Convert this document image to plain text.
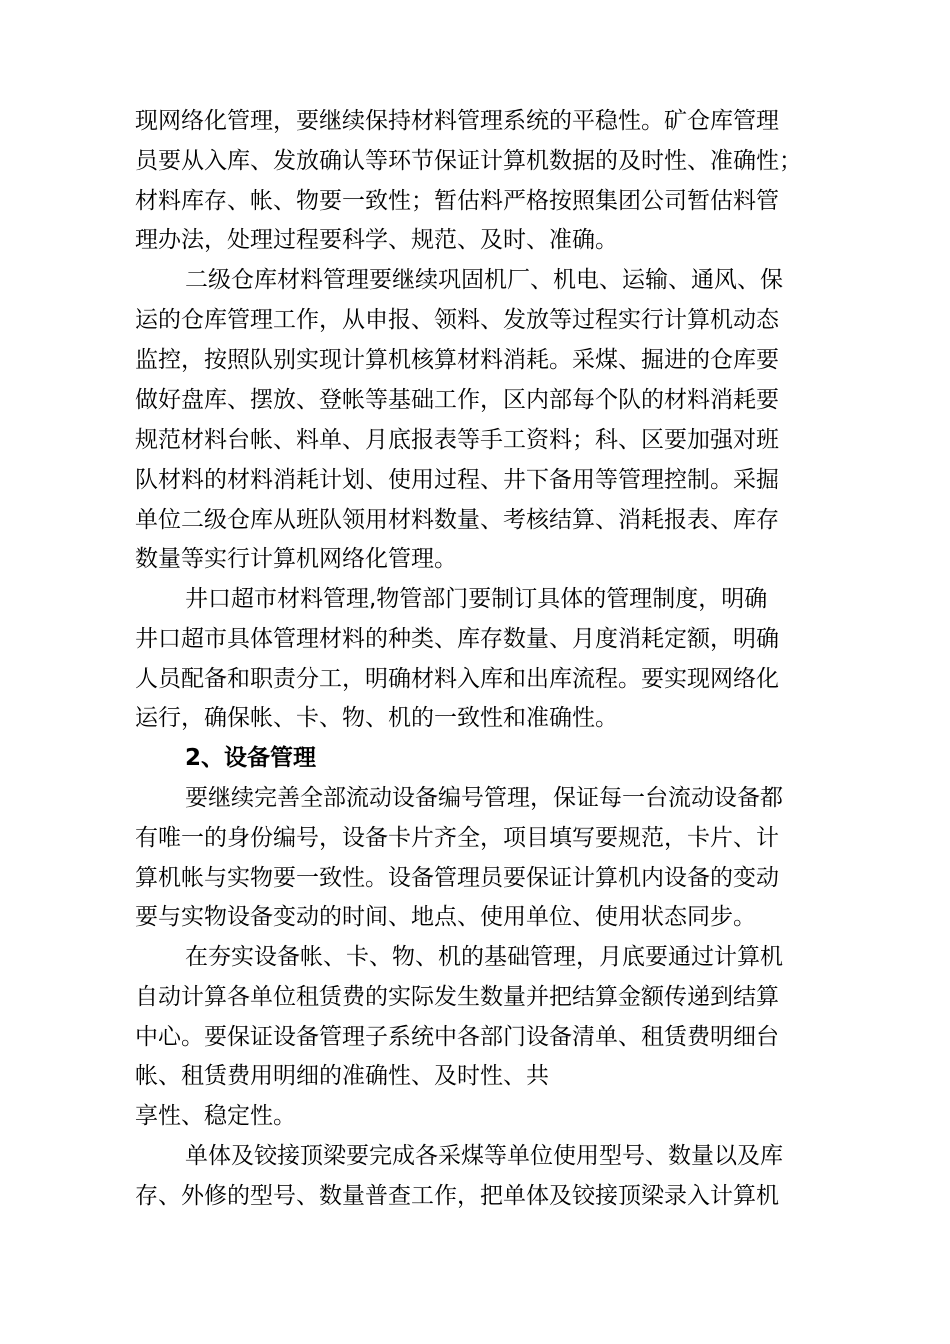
现网络化管理，要继续保持材料管理系统的平稳性。矿仓库管理
员要从入库、发放确认等环节保证计算机数据的及时性、准确性；
材料库存、帐、物要一致性；暂估料严格按照集团公司暂估料管
理办法，处理过程要科学、规范、及时、准确。
二级仓库材料管理要继续巩固机厂、机电、运输、通风、保
运的仓库管理工作，从申报、领料、发放等过程实行计算机动态
监控，按照队别实现计算机核算材料消耗。采煤、掘进的仓库要
做好盘库、摆放、登帐等基础工作，区内部每个队的材料消耗要
规范材料台帐、料单、月底报表等手工资料；科、区要加强对班
队材料的材料消耗计划、使用过程、井下备用等管理控制。采掘
单位二级仓库从班队领用材料数量、考核结算、消耗报表、库存
数量等实行计算机网络化管理。
井口超市材料管理,物管部门要制订具体的管理制度，明确
井口超市具体管理材料的种类、库存数量、月度消耗定额，明确
人员配备和职责分工，明确材料入库和出库流程。要实现网络化
运行，确保帐、卡、物、机的一致性和准确性。
2、设备管理
要继续完善全部流动设备编号管理，保证每一台流动设备都
有唯一的身份编号，设备卡片齐全，项目填写要规范，卡片、计
算机帐与实物要一致性。设备管理员要保证计算机内设备的变动
要与实物设备变动的时间、地点、使用单位、使用状态同步。
在夯实设备帐、卡、物、机的基础管理，月底要通过计算机
自动计算各单位租赁费的实际发生数量并把结算金额传递到结算
中心。要保证设备管理子系统中各部门设备清单、租赁费明细台
帐、租赁费用明细的准确性、及时性、共
享性、稳定性。
单体及铰接顶梁要完成各采煤等单位使用型号、数量以及库
存、外修的型号、数量普查工作，把单体及铰接顶梁录入计算机
